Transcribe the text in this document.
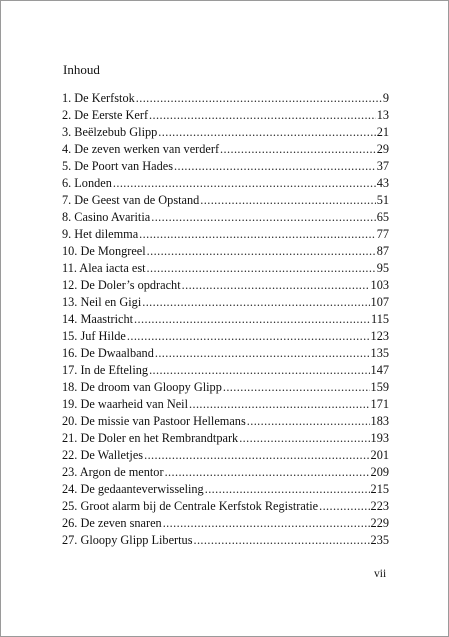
Inhoud
1. De Kerfstok .....	9
2. De Eerste Kerf .....	13
3. Beëlzebub Glipp .....	21
4. De zeven werken van verderf .....	29
5. De Poort van Hades .....	37
6. Londen .....	43
7. De Geest van de Opstand .....	51
8. Casino Avaritia .....	65
9. Het dilemma .....	77
10. De Mongreel .....	87
11. Alea iacta est .....	95
12. De Doler’s opdracht .....	103
13. Neil en Gigi .....	107
14. Maastricht .....	115
15. Juf Hilde .....	123
16. De Dwaalband .....	135
17. In de Efteling .....	147
18. De droom van Gloopy Glipp .....	159
19. De waarheid van Neil .....	171
20. De missie van Pastoor Hellemans .....	183
21. De Doler en het Rembrandtpark .....	193
22. De Walletjes .....	201
23. Argon de mentor .....	209
24. De gedaanteverwisseling .....	215
25. Groot alarm bij de Centrale Kerfstok Registratie .....	223
26. De zeven snaren .....	229
27. Gloopy Glipp Libertus .....	235
vii
